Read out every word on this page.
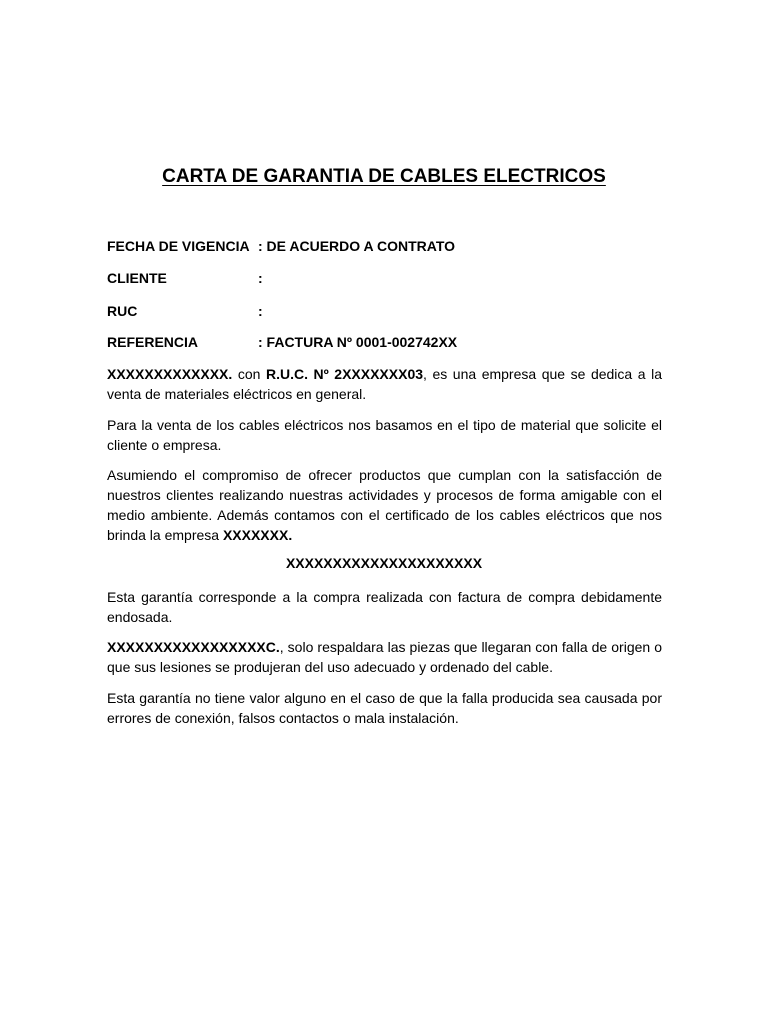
CARTA DE GARANTIA DE CABLES ELECTRICOS
FECHA DE VIGENCIA : DE ACUERDO A CONTRATO
CLIENTE	:
RUC	:
REFERENCIA	: FACTURA Nº 0001-002742XX
XXXXXXXXXXXXX. con R.U.C. Nº 2XXXXXXX03, es una empresa que se dedica a la venta de materiales eléctricos en general.
Para la venta de los cables eléctricos nos basamos en el tipo de material que solicite el cliente o empresa.
Asumiendo el compromiso de ofrecer productos que cumplan con la satisfacción de nuestros clientes realizando nuestras actividades y procesos de forma amigable con el medio ambiente. Además contamos con el certificado de los cables eléctricos que nos brinda la empresa XXXXXXX.
XXXXXXXXXXXXXXXXXXXXX
Esta garantía corresponde a la compra realizada con factura de compra debidamente endosada.
XXXXXXXXXXXXXXXXXC., solo respaldara las piezas que llegaran con falla de origen o que sus lesiones se produjeran del uso adecuado y ordenado del cable.
Esta garantía no tiene valor alguno en el caso de que la falla producida sea causada por errores de conexión, falsos contactos o mala instalación.
